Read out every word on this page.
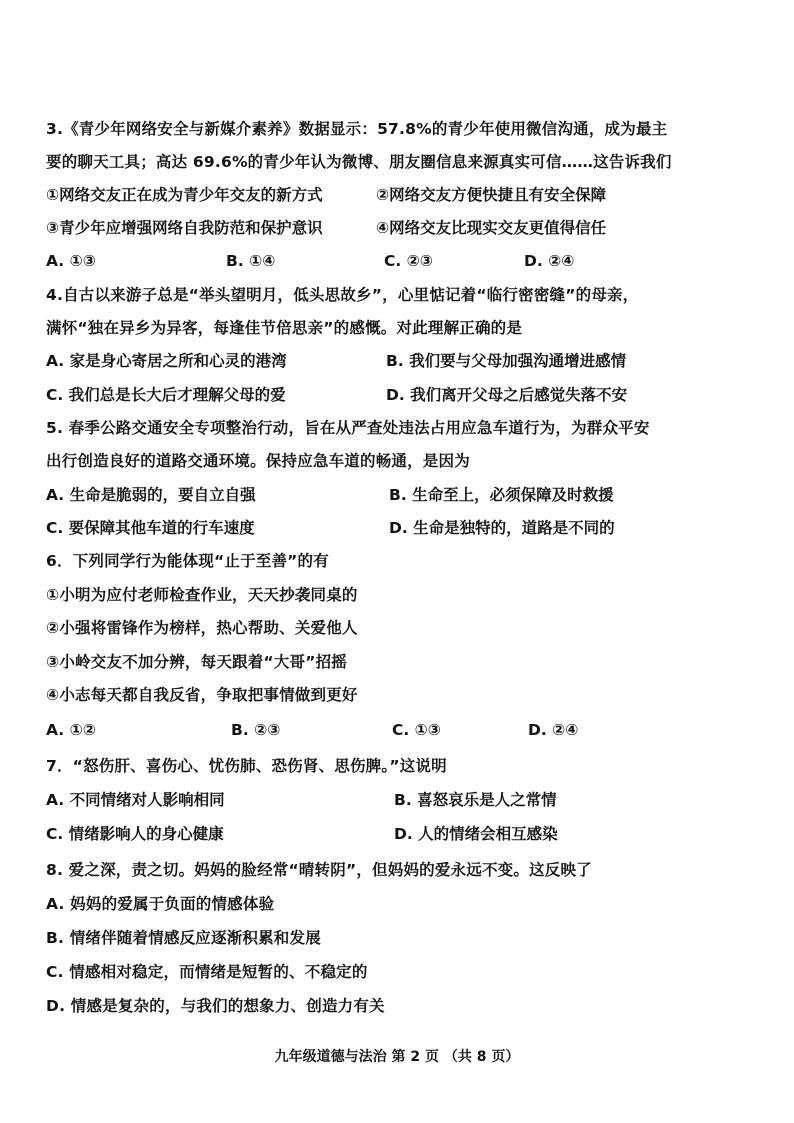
3.《青少年网络安全与新媒介素养》数据显示：57.8%的青少年使用微信沟通，成为最主
要的聊天工具；高达 69.6%的青少年认为微博、朋友圈信息来源真实可信……这告诉我们
①网络交友正在成为青少年交友的新方式	②网络交友方便快捷且有安全保障
③青少年应增强网络自我防范和保护意识	④网络交友比现实交友更值得信任
A. ①③	B. ①④	C. ②③	D. ②④
4.自古以来游子总是“举头望明月，低头思故乡”，心里惦记着“临行密密缝”的母亲，
满怀“独在异乡为异客，每逢佳节倍思亲”的感慨。对此理解正确的是
A. 家是身心寄居之所和心灵的港湾	B. 我们要与父母加强沟通增进感情
C. 我们总是长大后才理解父母的爱	D. 我们离开父母之后感觉失落不安
5. 春季公路交通安全专项整治行动，旨在从严查处违法占用应急车道行为，为群众平安
出行创造良好的道路交通环境。保持应急车道的畅通，是因为
A. 生命是脆弱的，要自立自强	B. 生命至上，必须保障及时救援
C. 要保障其他车道的行车速度	D. 生命是独特的，道路是不同的
6．下列同学行为能体现“止于至善”的有
①小明为应付老师检查作业，天天抄袭同桌的
②小强将雷锋作为榜样，热心帮助、关爱他人
③小岭交友不加分辨，每天跟着“大哥”招摇
④小志每天都自我反省，争取把事情做到更好
A. ①②	B. ②③	C. ①③	D. ②④
7．“怒伤肝、喜伤心、忧伤肺、恐伤肾、思伤脾。”这说明
A. 不同情绪对人影响相同	B. 喜怒哀乐是人之常情
C. 情绪影响人的身心健康	D. 人的情绪会相互感染
8. 爱之深，责之切。妈妈的脸经常“晴转阴”，但妈妈的爱永远不变。这反映了
A. 妈妈的爱属于负面的情感体验
B. 情绪伴随着情感反应逐渐积累和发展
C. 情感相对稳定，而情绪是短暂的、不稳定的
D. 情感是复杂的，与我们的想象力、创造力有关
九年级道德与法治 第 2 页 （共 8 页）
